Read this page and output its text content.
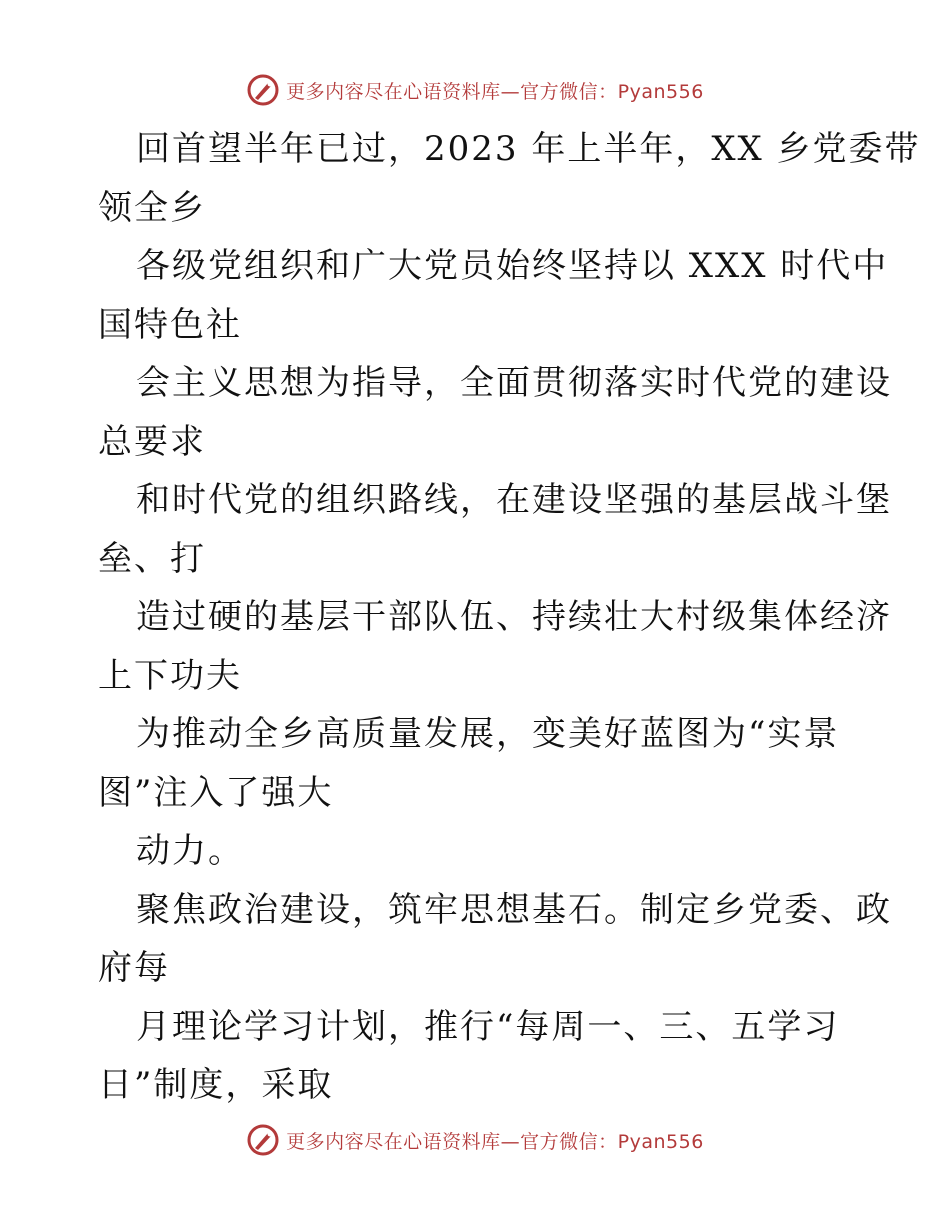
更多内容尽在心语资料库—官方微信：Pyan556
回首望半年已过，2023 年上半年，XX 乡党委带
领全乡
各级党组织和广大党员始终坚持以 XXX 时代中
国特色社
会主义思想为指导，全面贯彻落实时代党的建设
总要求
和时代党的组织路线，在建设坚强的基层战斗堡
垒、打
造过硬的基层干部队伍、持续壮大村级集体经济
上下功夫
为推动全乡高质量发展，变美好蓝图为“实景
图”注入了强大
动力。
聚焦政治建设，筑牢思想基石。制定乡党委、政
府每
月理论学习计划，推行“每周一、三、五学习
日”制度，采取
更多内容尽在心语资料库—官方微信：Pyan556
